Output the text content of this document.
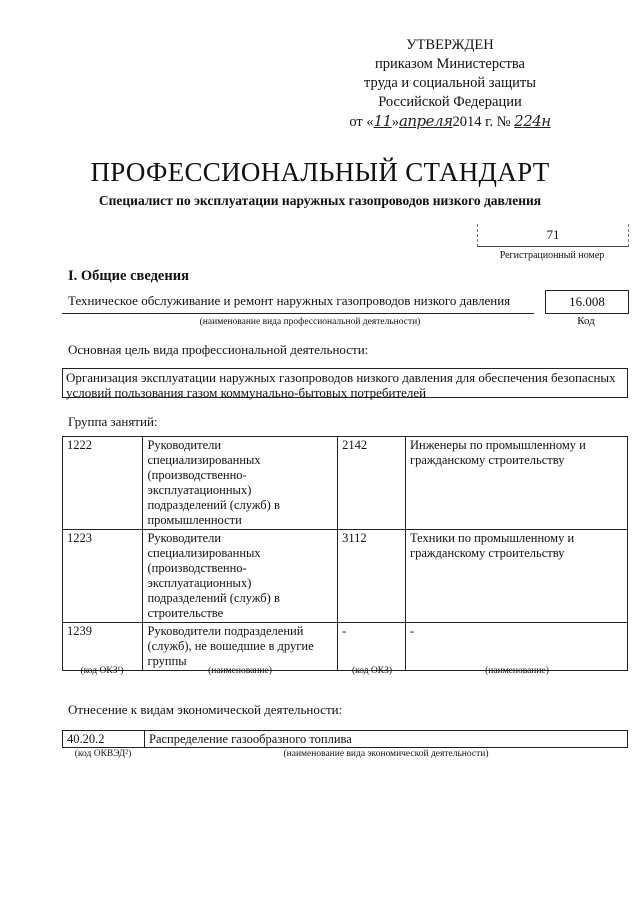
УТВЕРЖДЕН
приказом Министерства
труда и социальной защиты
Российской Федерации
от «11»апреля2014 г. № 224н
ПРОФЕССИОНАЛЬНЫЙ СТАНДАРТ
Специалист по эксплуатации наружных газопроводов низкого давления
71
Регистрационный номер
I. Общие сведения
Техническое обслуживание и ремонт наружных газопроводов низкого давления	16.008
(наименование вида профессиональной деятельности)	Код
Основная цель вида профессиональной деятельности:
Организация эксплуатации наружных газопроводов низкого давления для обеспечения безопасных условий пользования газом коммунально-бытовых потребителей
Группа занятий:
1222	Руководители специализированных (производственно-эксплуатационных) подразделений (служб) в промышленности	2142	Инженеры по промышленному и гражданскому строительству
1223	Руководители специализированных (производственно-эксплуатационных) подразделений (служб) в строительстве	3112	Техники по промышленному и гражданскому строительству
1239	Руководители подразделений (служб), не вошедшие в другие группы	-	-
(код ОКЗ¹)	(наименование)	(код ОКЗ)	(наименование)
Отнесение к видам экономической деятельности:
40.20.2	Распределение газообразного топлива
(код ОКВЭД²)	(наименование вида экономической деятельности)
